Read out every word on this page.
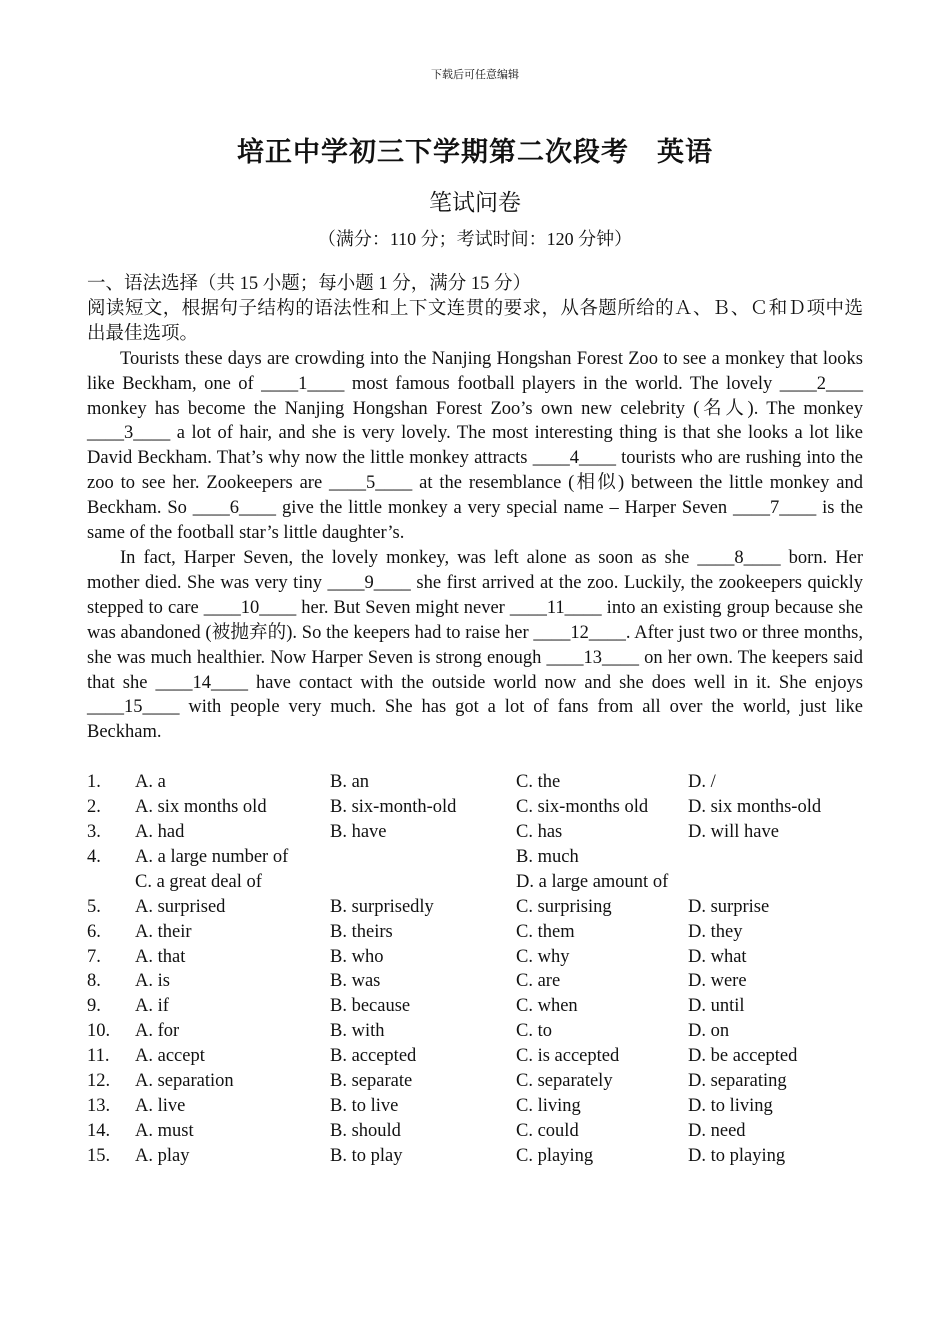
下载后可任意编辑
培正中学初三下学期第二次段考　英语
笔试问卷
（满分：110 分；考试时间：120 分钟）

一、语法选择（共 15 小题；每小题 1 分，满分 15 分）

阅读短文，根据句子结构的语法性和上下文连贯的要求，从各题所给的Ａ、Ｂ、Ｃ和Ｄ项中选出最佳选项。

Tourists these days are crowding into the Nanjing Hongshan Forest Zoo to see a monkey that looks like Beckham, one of ____1____ most famous football players in the world. The lovely ____2____ monkey has become the Nanjing Hongshan Forest Zoo’s own new celebrity (名人). The monkey ____3____ a lot of hair, and she is very lovely. The most interesting thing is that she looks a lot like David Beckham. That’s why now the little monkey attracts ____4____ tourists who are rushing into the zoo to see her. Zookeepers are ____5____ at the resemblance (相似) between the little monkey and Beckham. So ____6____ give the little monkey a very special name – Harper Seven ____7____ is the same of the football star’s little daughter’s.

In fact, Harper Seven, the lovely monkey, was left alone as soon as she ____8____ born. Her mother died. She was very tiny ____9____ she first arrived at the zoo. Luckily, the zookeepers quickly stepped to care ____10____ her. But Seven might never ____11____ into an existing group because she was abandoned (被抛弃的). So the keepers had to raise her ____12____. After just two or three months, she was much healthier. Now Harper Seven is strong enough ____13____ on her own. The keepers said that she ____14____ have contact with the outside world now and she does well in it. She enjoys ____15____ with people very much. She has got a lot of fans from all over the world, just like Beckham.

1.	A. a	B. an	C. the	D. /
2.	A. six months old	B. six-month-old	C. six-months old	D. six months-old
3.	A. had	B. have	C. has	D. will have
4.	A. a large number of		B. much	
	C. a great deal of		D. a large amount of	
5.	A. surprised	B. surprisedly	C. surprising	D. surprise
6.	A. their	B. theirs	C. them	D. they
7.	A. that	B. who	C. why	D. what
8.	A. is	B. was	C. are	D. were
9.	A. if	B. because	C. when	D. until
10.	A. for	B. with	C. to	D. on
11.	A. accept	B. accepted	C. is accepted	D. be accepted
12.	A. separation	B. separate	C. separately	D. separating
13.	A. live	B. to live	C. living	D. to living
14.	A. must	B. should	C. could	D. need
15.	A. play	B. to play	C. playing	D. to playing
